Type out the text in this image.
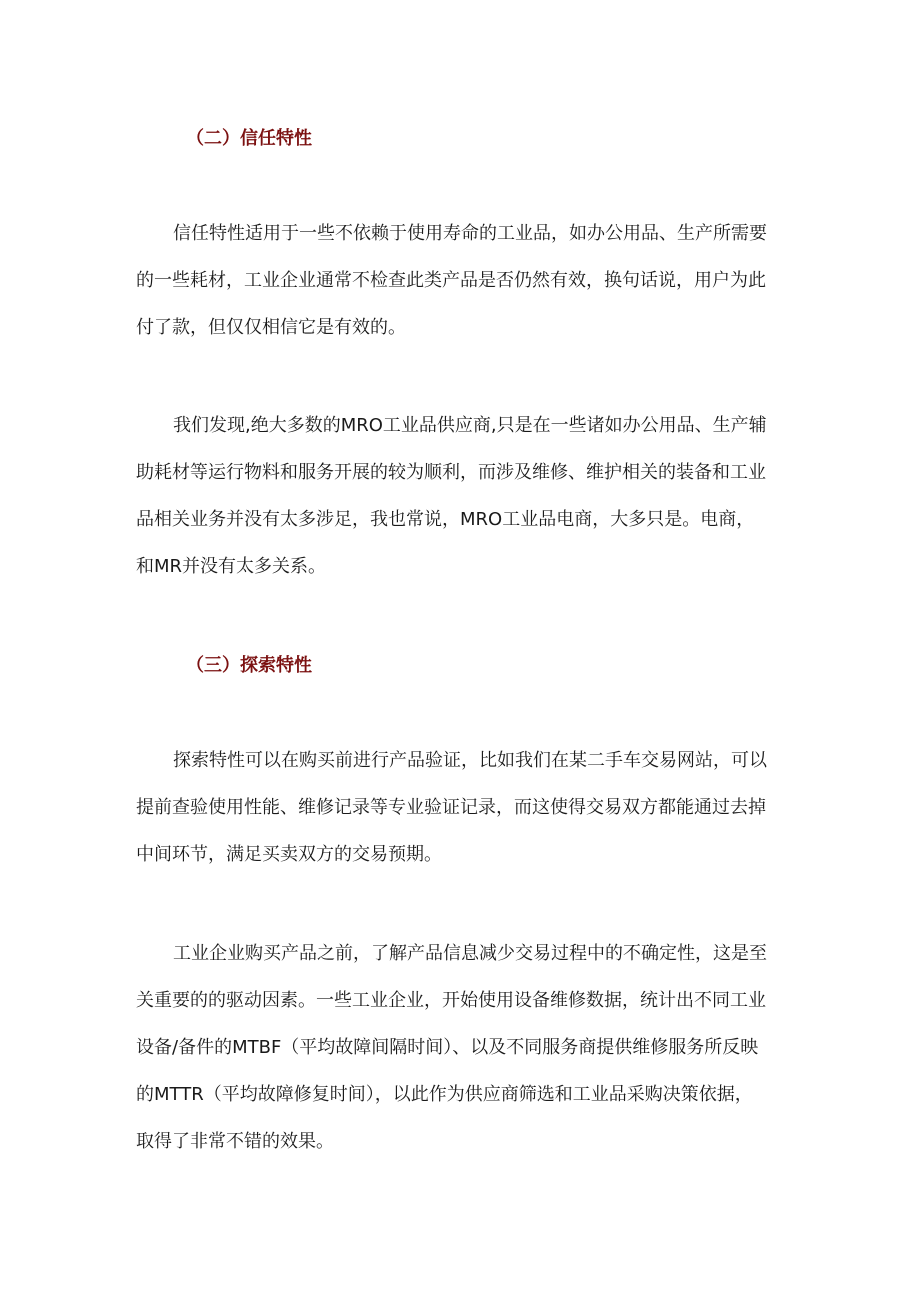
（二）信任特性

信任特性适用于一些不依赖于使用寿命的工业品，如办公用品、生产所需要
的一些耗材，工业企业通常不检查此类产品是否仍然有效，换句话说，用户为此
付了款，但仅仅相信它是有效的。

我们发现,绝大多数的MRO工业品供应商,只是在一些诸如办公用品、生产辅
助耗材等运行物料和服务开展的较为顺利，而涉及维修、维护相关的装备和工业
品相关业务并没有太多涉足，我也常说，MRO工业品电商，大多只是。电商，
和MR并没有太多关系。

（三）探索特性

探索特性可以在购买前进行产品验证，比如我们在某二手车交易网站，可以
提前查验使用性能、维修记录等专业验证记录，而这使得交易双方都能通过去掉
中间环节，满足买卖双方的交易预期。

工业企业购买产品之前，了解产品信息减少交易过程中的不确定性，这是至
关重要的的驱动因素。一些工业企业，开始使用设备维修数据，统计出不同工业
设备/备件的MTBF（平均故障间隔时间）、以及不同服务商提供维修服务所反映
的MTTR（平均故障修复时间），以此作为供应商筛选和工业品采购决策依据，
取得了非常不错的效果。
